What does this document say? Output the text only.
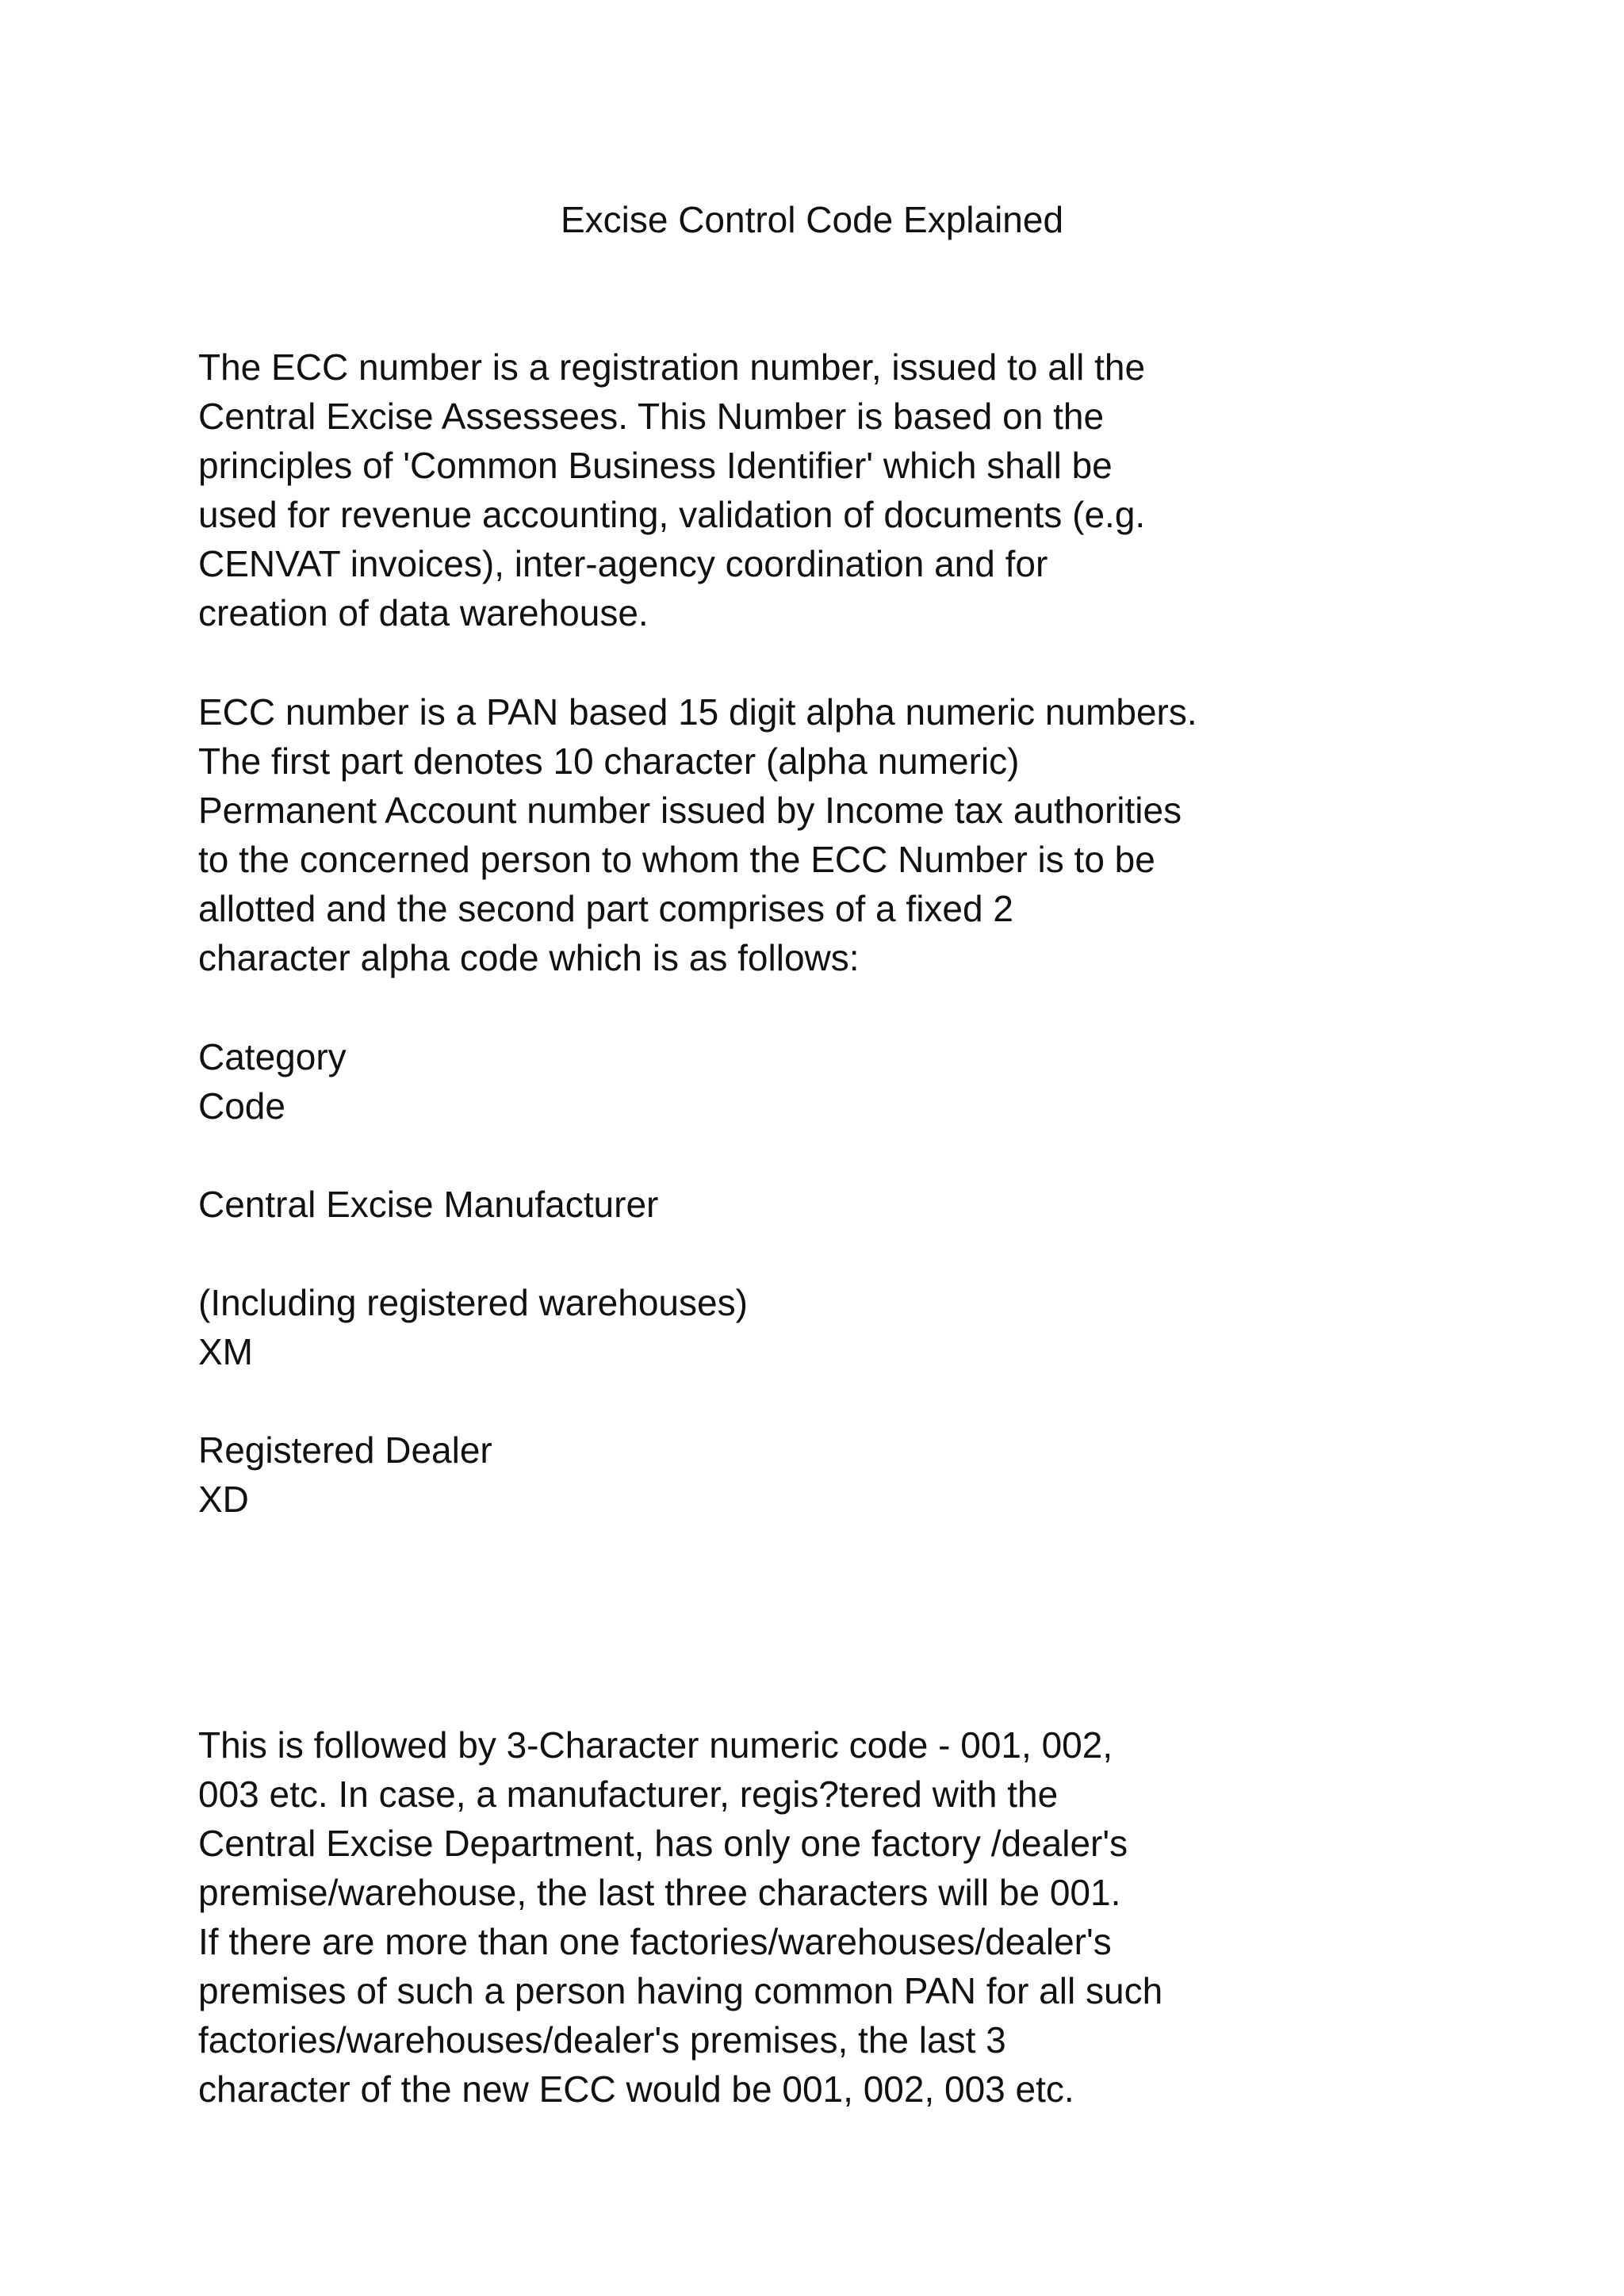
Excise Control Code Explained

The ECC number is a registration number, issued to all the
Central Excise Assessees. This Number is based on the
principles of 'Common Business Identifier' which shall be
used for revenue accounting, validation of documents (e.g.
CENVAT invoices), inter-agency coordination and for
creation of data warehouse.

ECC number is a PAN based 15 digit alpha numeric numbers.
The first part denotes 10 character (alpha numeric)
Permanent Account number issued by Income tax authorities
to the concerned person to whom the ECC Number is to be
allotted and the second part comprises of a fixed 2
character alpha code which is as follows:

Category
Code

Central Excise Manufacturer

(Including registered warehouses)
XM

Registered Dealer
XD

This is followed by 3-Character numeric code - 001, 002,
003 etc. In case, a manufacturer, regis?tered with the
Central Excise Department, has only one factory /dealer's
premise/warehouse, the last three characters will be 001.
If there are more than one factories/warehouses/dealer's
premises of such a person having common PAN for all such
factories/warehouses/dealer's premises, the last 3
character of the new ECC would be 001, 002, 003 etc.
